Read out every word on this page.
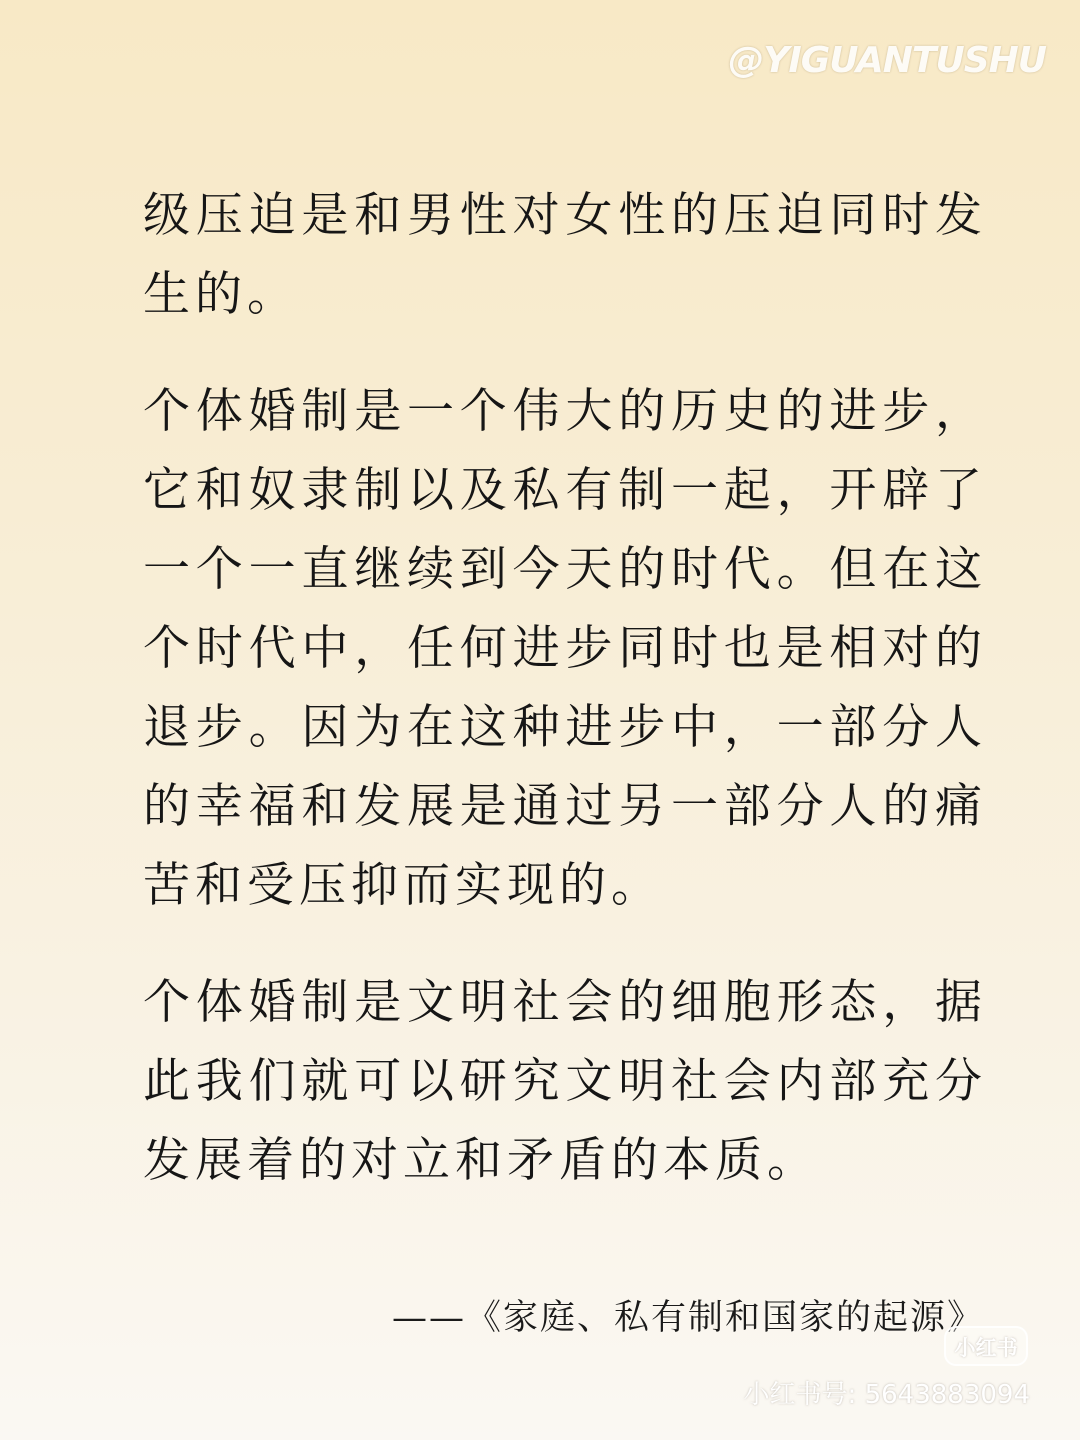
@YIGUANTUSHU

级压迫是和男性对女性的压迫同时发生的。

个体婚制是一个伟大的历史的进步，它和奴隶制以及私有制一起，开辟了一个一直继续到今天的时代。但在这个时代中，任何进步同时也是相对的退步。因为在这种进步中，一部分人的幸福和发展是通过另一部分人的痛苦和受压抑而实现的。

个体婚制是文明社会的细胞形态，据此我们就可以研究文明社会内部充分发展着的对立和矛盾的本质。

——《家庭、私有制和国家的起源》
小红书
小红书号: 5643883094
